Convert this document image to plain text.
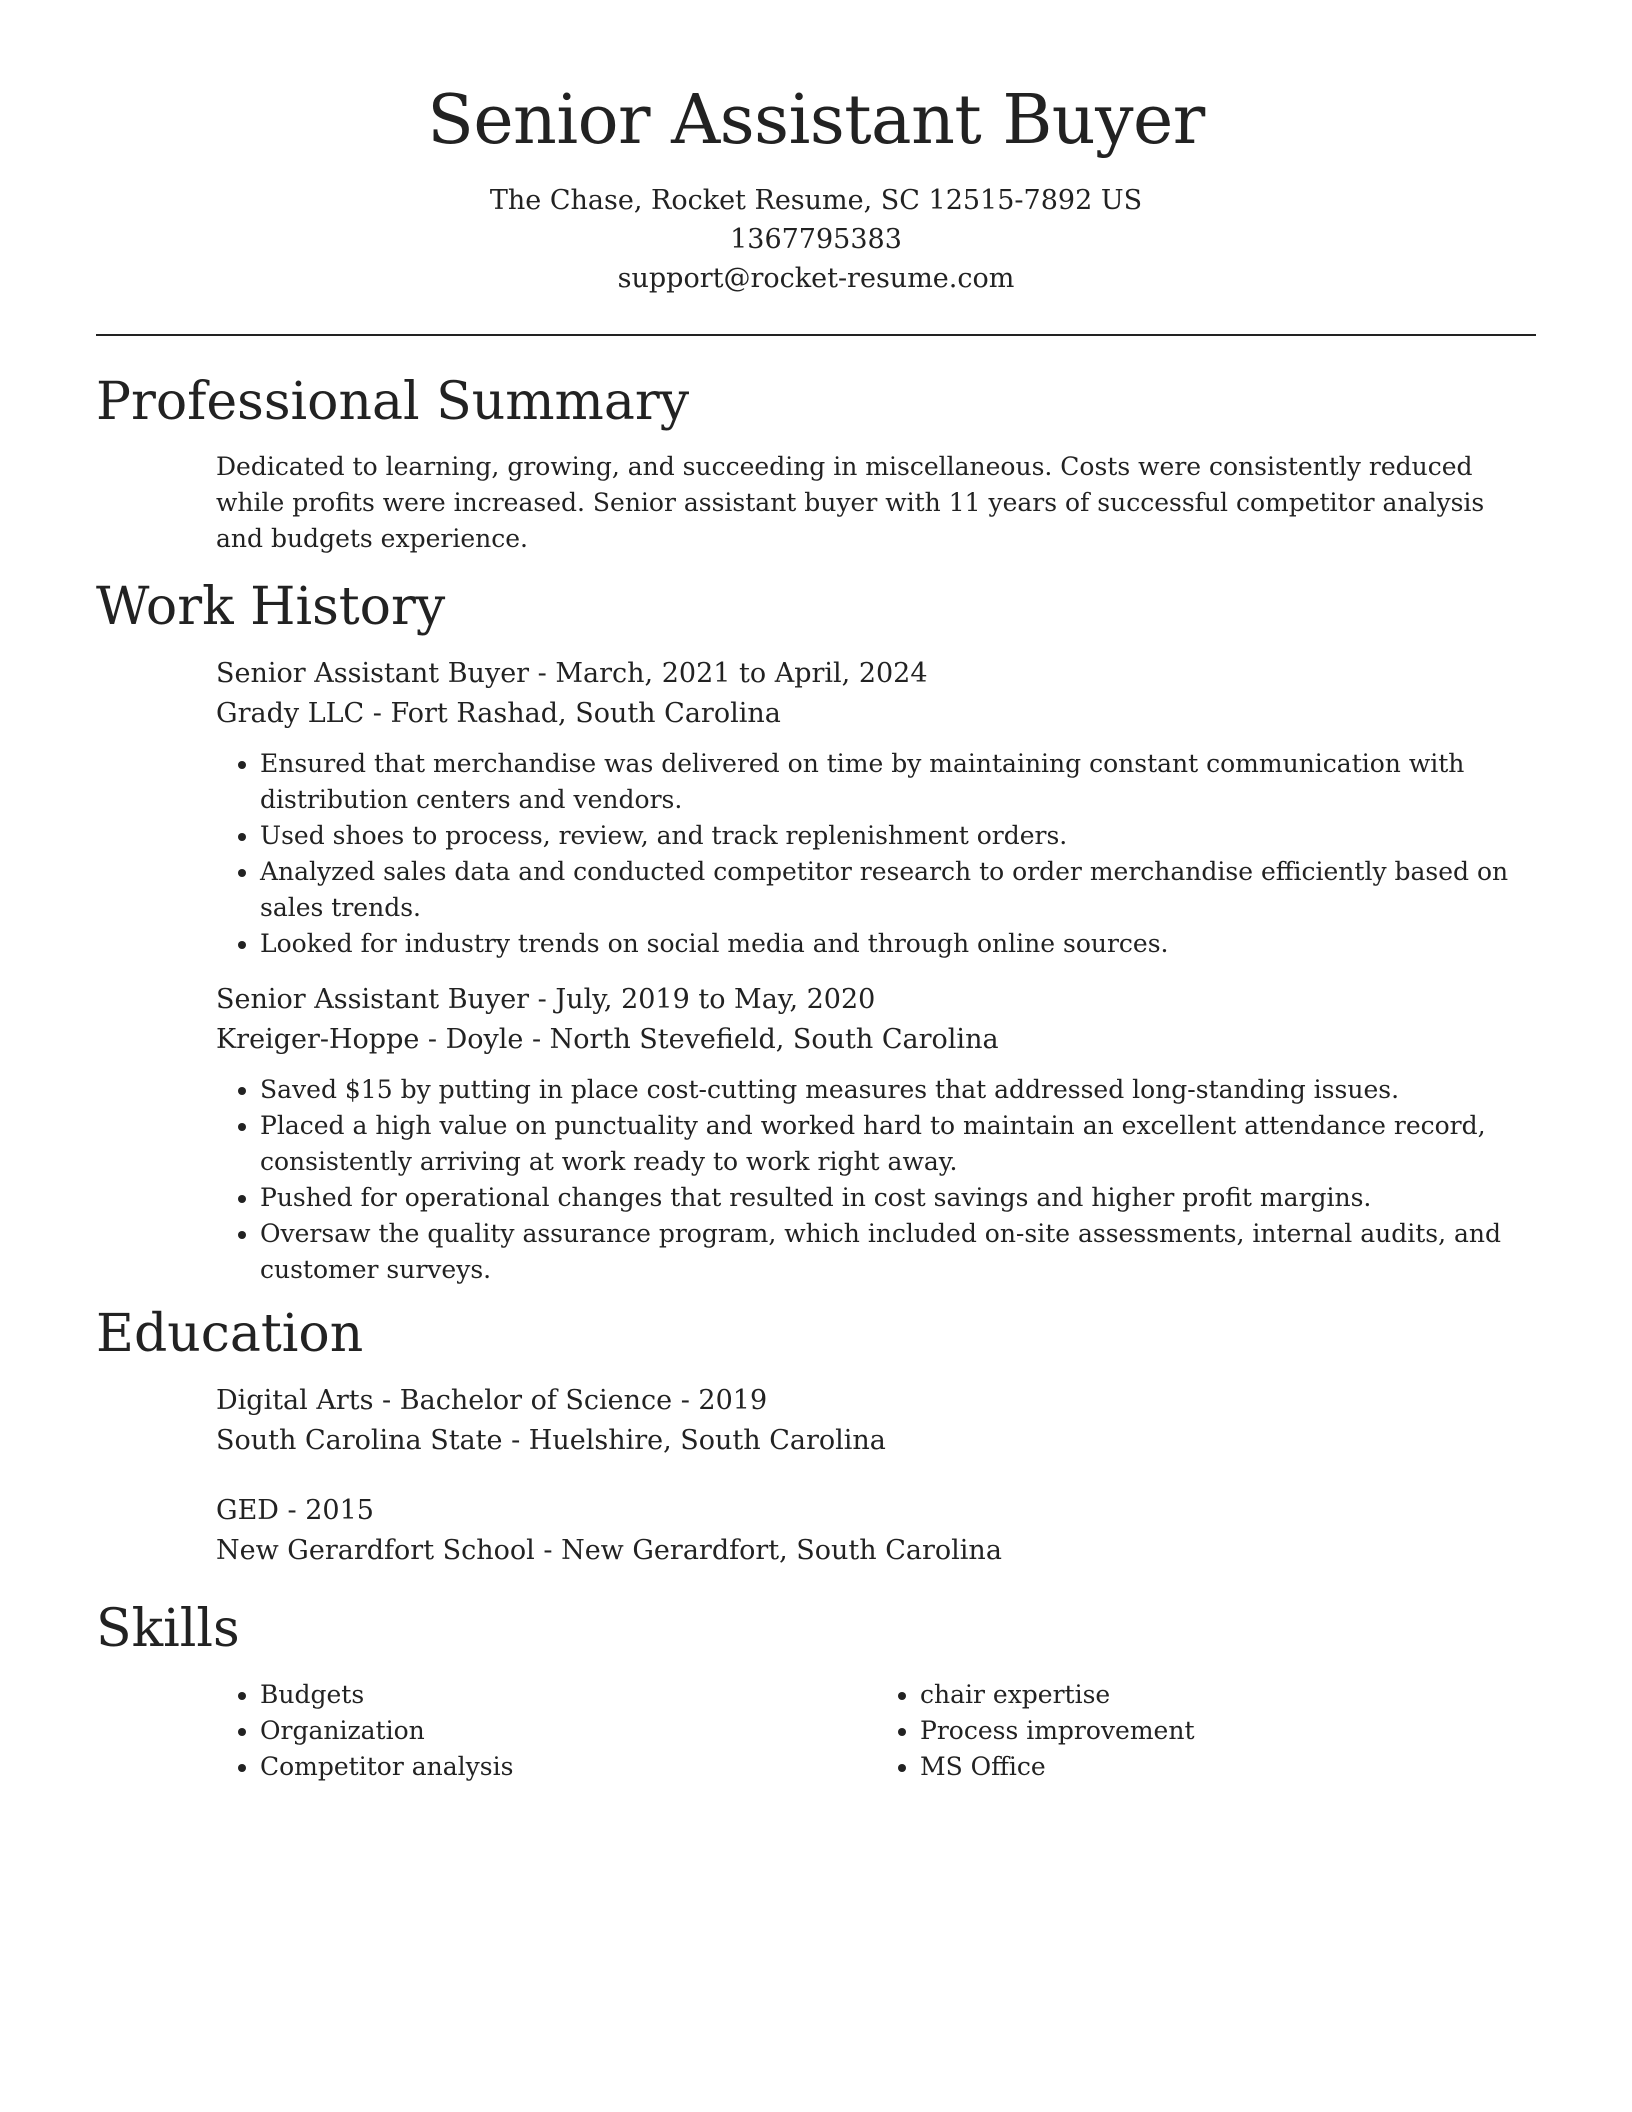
Senior Assistant Buyer
The Chase, Rocket Resume, SC 12515-7892 US
1367795383
support@rocket-resume.com
Professional Summary

Dedicated to learning, growing, and succeeding in miscellaneous. Costs were consistently reduced while profits were increased. Senior assistant buyer with 11 years of successful competitor analysis and budgets experience.

Work History
Senior Assistant Buyer - March, 2021 to April, 2024
Grady LLC - Fort Rashad, South Carolina
• Ensured that merchandise was delivered on time by maintaining constant communication with distribution centers and vendors.
• Used shoes to process, review, and track replenishment orders.
• Analyzed sales data and conducted competitor research to order merchandise efficiently based on sales trends.
• Looked for industry trends on social media and through online sources.
Senior Assistant Buyer - July, 2019 to May, 2020
Kreiger-Hoppe - Doyle - North Stevefield, South Carolina
• Saved $15 by putting in place cost-cutting measures that addressed long-standing issues.
• Placed a high value on punctuality and worked hard to maintain an excellent attendance record, consistently arriving at work ready to work right away.
• Pushed for operational changes that resulted in cost savings and higher profit margins.
• Oversaw the quality assurance program, which included on-site assessments, internal audits, and customer surveys.
Education
Digital Arts - Bachelor of Science - 2019
South Carolina State - Huelshire, South Carolina
GED - 2015
New Gerardfort School - New Gerardfort, South Carolina
Skills
• Budgets
• Organization
• Competitor analysis
• chair expertise
• Process improvement
• MS Office
